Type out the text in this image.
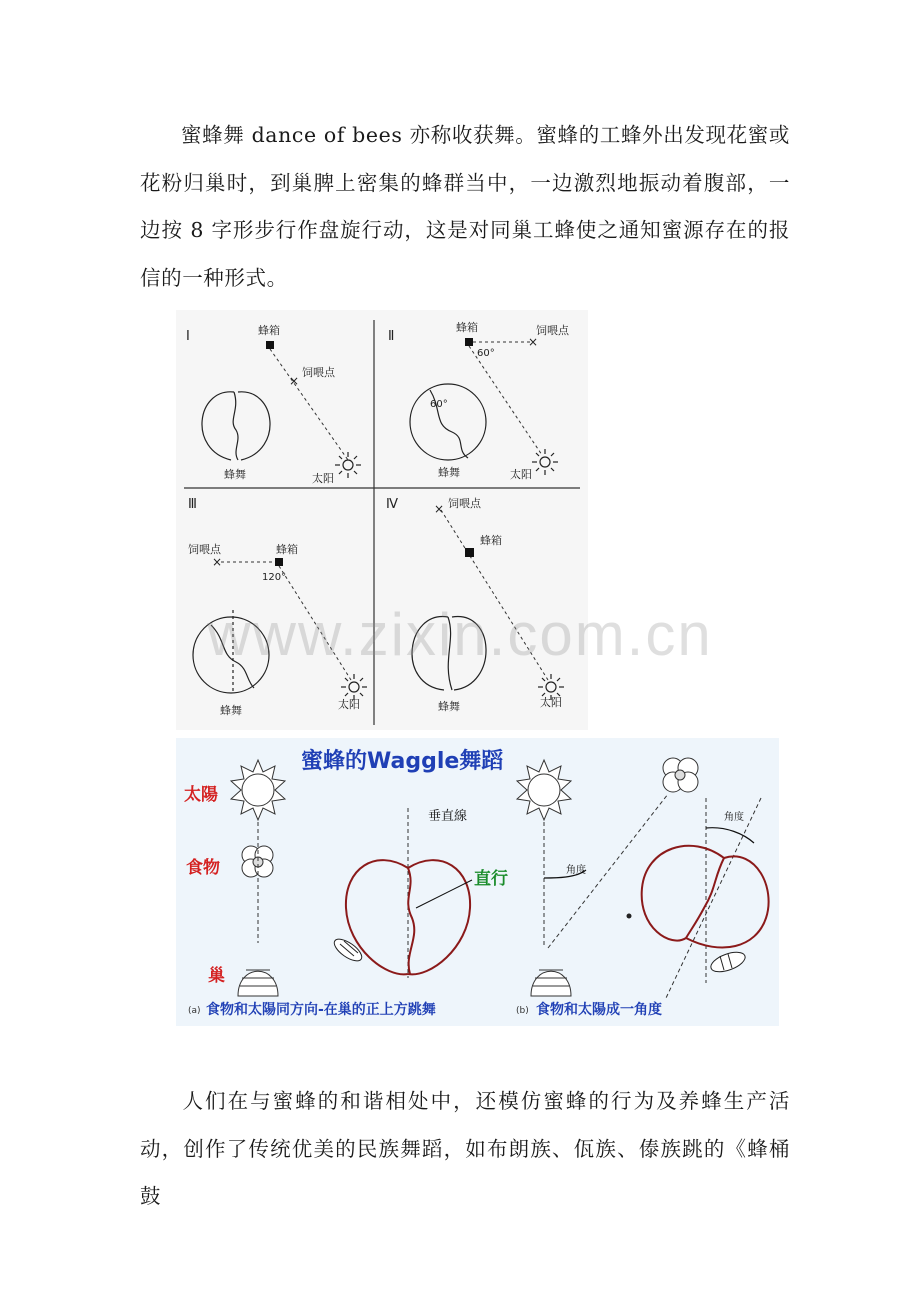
蜜蜂舞 dance of bees 亦称收获舞。蜜蜂的工蜂外出发现花蜜或花粉归巢时，到巢脾上密集的蜂群当中，一边激烈地振动着腹部，一边按 8 字形步行作盘旋行动，这是对同巢工蜂使之通知蜜源存在的报信的一种形式。

Ⅰ	蜂箱
×
饲喂点
太阳
蜂舞
Ⅱ
蜂箱
×
饲喂点
60°
太阳
60°
蜂舞
Ⅲ
饲喂点
×
蜂箱
120°
太阳
蜂舞
Ⅳ	× 饲喂点
蜂箱
太阳
蜂舞
蜜蜂的Waggle舞蹈
太陽
食物
巢
垂直線
直行	角度
角度
(a) 食物和太陽同方向-在巢的正上方跳舞	(b) 食物和太陽成一角度
www.zixin.com.cn

人们在与蜜蜂的和谐相处中，还模仿蜜蜂的行为及养蜂生产活动，创作了传统优美的民族舞蹈，如布朗族、佤族、傣族跳的《蜂桶鼓
